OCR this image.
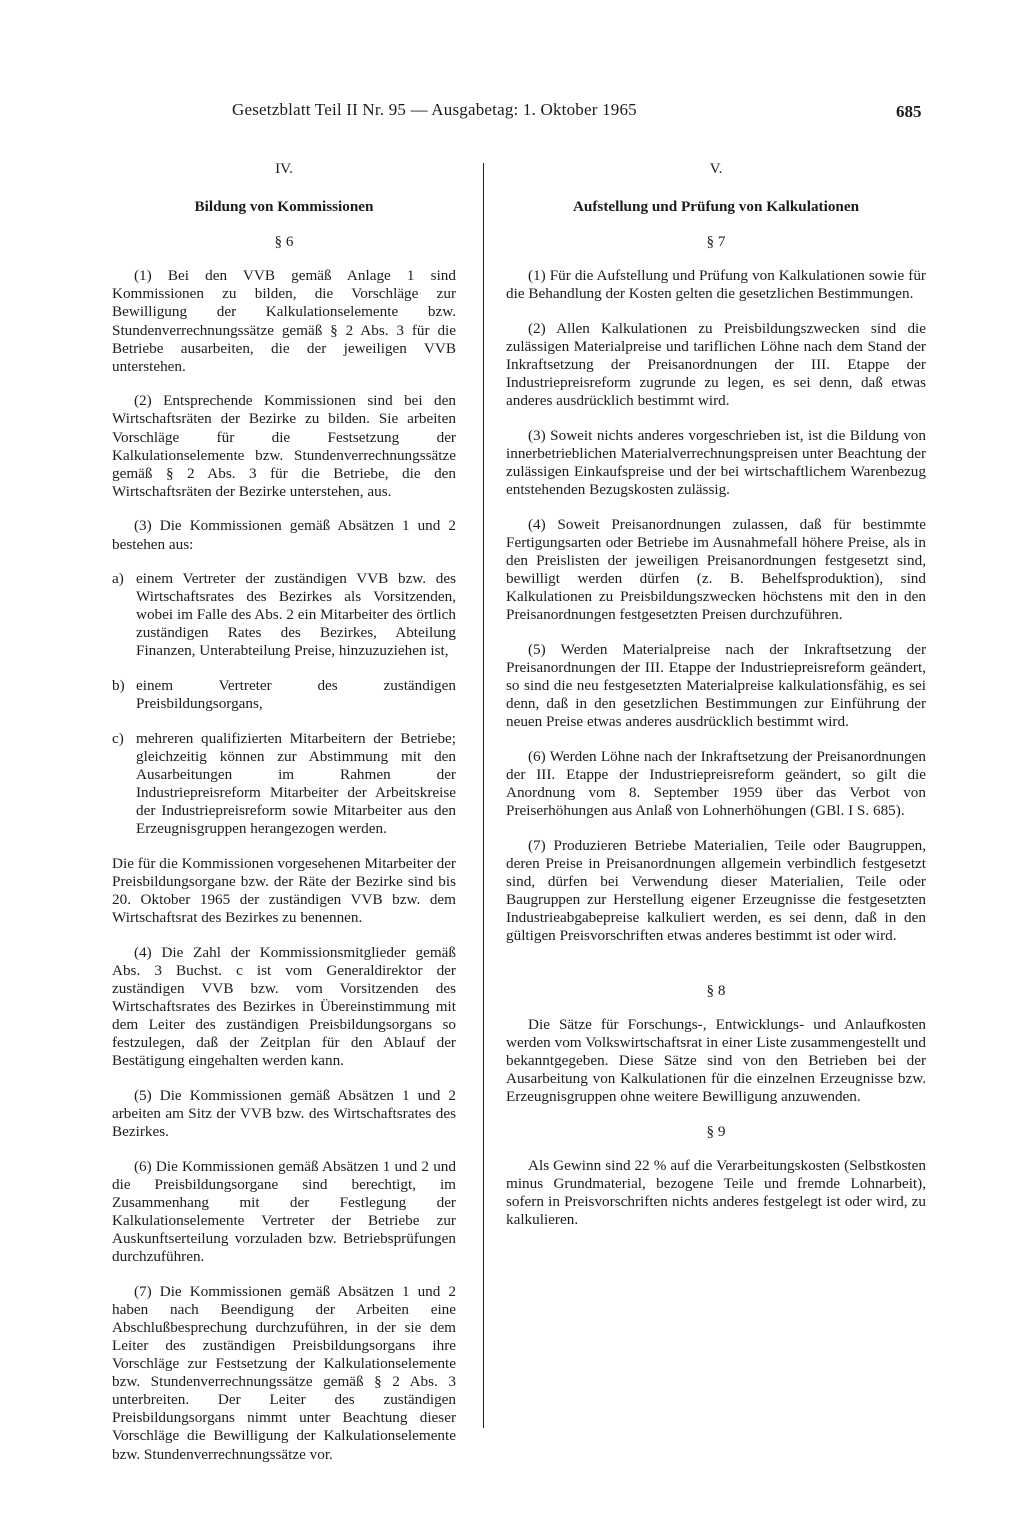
Gesetzblatt Teil II Nr. 95 — Ausgabetag: 1. Oktober 1965	685
IV.
Bildung von Kommissionen
§ 6

(1) Bei den VVB gemäß Anlage 1 sind Kommissionen zu bilden, die Vorschläge zur Bewilligung der Kalkulationselemente bzw. Stundenverrechnungssätze gemäß § 2 Abs. 3 für die Betriebe ausarbeiten, die der jeweiligen VVB unterstehen.

(2) Entsprechende Kommissionen sind bei den Wirtschaftsräten der Bezirke zu bilden. Sie arbeiten Vorschläge für die Festsetzung der Kalkulationselemente bzw. Stundenverrechnungssätze gemäß § 2 Abs. 3 für die Betriebe, die den Wirtschaftsräten der Bezirke unterstehen, aus.

(3) Die Kommissionen gemäß Absätzen 1 und 2 bestehen aus:

a) einem Vertreter der zuständigen VVB bzw. des Wirtschaftsrates des Bezirkes als Vorsitzenden, wobei im Falle des Abs. 2 ein Mitarbeiter des örtlich zuständigen Rates des Bezirkes, Abteilung Finanzen, Unterabteilung Preise, hinzuzuziehen ist,
b) einem Vertreter des zuständigen Preisbildungsorgans,
c) mehreren qualifizierten Mitarbeitern der Betriebe; gleichzeitig können zur Abstimmung mit den Ausarbeitungen im Rahmen der Industriepreisreform Mitarbeiter der Arbeitskreise der Industriepreisreform sowie Mitarbeiter aus den Erzeugnisgruppen herangezogen werden.

Die für die Kommissionen vorgesehenen Mitarbeiter der Preisbildungsorgane bzw. der Räte der Bezirke sind bis 20. Oktober 1965 der zuständigen VVB bzw. dem Wirtschaftsrat des Bezirkes zu benennen.

(4) Die Zahl der Kommissionsmitglieder gemäß Abs. 3 Buchst. c ist vom Generaldirektor der zuständigen VVB bzw. vom Vorsitzenden des Wirtschaftsrates des Bezirkes in Übereinstimmung mit dem Leiter des zuständigen Preisbildungsorgans so festzulegen, daß der Zeitplan für den Ablauf der Bestätigung eingehalten werden kann.

(5) Die Kommissionen gemäß Absätzen 1 und 2 arbeiten am Sitz der VVB bzw. des Wirtschaftsrates des Bezirkes.

(6) Die Kommissionen gemäß Absätzen 1 und 2 und die Preisbildungsorgane sind berechtigt, im Zusammenhang mit der Festlegung der Kalkulationselemente Vertreter der Betriebe zur Auskunftserteilung vorzuladen bzw. Betriebsprüfungen durchzuführen.

(7) Die Kommissionen gemäß Absätzen 1 und 2 haben nach Beendigung der Arbeiten eine Abschlußbesprechung durchzuführen, in der sie dem Leiter des zuständigen Preisbildungsorgans ihre Vorschläge zur Festsetzung der Kalkulationselemente bzw. Stundenverrechnungssätze gemäß § 2 Abs. 3 unterbreiten. Der Leiter des zuständigen Preisbildungsorgans nimmt unter Beachtung dieser Vorschläge die Bewilligung der Kalkulationselemente bzw. Stundenverrechnungssätze vor.

V.
Aufstellung und Prüfung von Kalkulationen
§ 7

(1) Für die Aufstellung und Prüfung von Kalkulationen sowie für die Behandlung der Kosten gelten die gesetzlichen Bestimmungen.

(2) Allen Kalkulationen zu Preisbildungszwecken sind die zulässigen Materialpreise und tariflichen Löhne nach dem Stand der Inkraftsetzung der Preisanordnungen der III. Etappe der Industriepreisreform zugrunde zu legen, es sei denn, daß etwas anderes ausdrücklich bestimmt wird.

(3) Soweit nichts anderes vorgeschrieben ist, ist die Bildung von innerbetrieblichen Materialverrechnungspreisen unter Beachtung der zulässigen Einkaufspreise und der bei wirtschaftlichem Warenbezug entstehenden Bezugskosten zulässig.

(4) Soweit Preisanordnungen zulassen, daß für bestimmte Fertigungsarten oder Betriebe im Ausnahmefall höhere Preise, als in den Preislisten der jeweiligen Preisanordnungen festgesetzt sind, bewilligt werden dürfen (z. B. Behelfsproduktion), sind Kalkulationen zu Preisbildungszwecken höchstens mit den in den Preisanordnungen festgesetzten Preisen durchzuführen.

(5) Werden Materialpreise nach der Inkraftsetzung der Preisanordnungen der III. Etappe der Industriepreisreform geändert, so sind die neu festgesetzten Materialpreise kalkulationsfähig, es sei denn, daß in den gesetzlichen Bestimmungen zur Einführung der neuen Preise etwas anderes ausdrücklich bestimmt wird.

(6) Werden Löhne nach der Inkraftsetzung der Preisanordnungen der III. Etappe der Industriepreisreform geändert, so gilt die Anordnung vom 8. September 1959 über das Verbot von Preiserhöhungen aus Anlaß von Lohnerhöhungen (GBl. I S. 685).

(7) Produzieren Betriebe Materialien, Teile oder Baugruppen, deren Preise in Preisanordnungen allgemein verbindlich festgesetzt sind, dürfen bei Verwendung dieser Materialien, Teile oder Baugruppen zur Herstellung eigener Erzeugnisse die festgesetzten Industrieabgabepreise kalkuliert werden, es sei denn, daß in den gültigen Preisvorschriften etwas anderes bestimmt ist oder wird.

§ 8

Die Sätze für Forschungs-, Entwicklungs- und Anlaufkosten werden vom Volkswirtschaftsrat in einer Liste zusammengestellt und bekanntgegeben. Diese Sätze sind von den Betrieben bei der Ausarbeitung von Kalkulationen für die einzelnen Erzeugnisse bzw. Erzeugnisgruppen ohne weitere Bewilligung anzuwenden.

§ 9

Als Gewinn sind 22 % auf die Verarbeitungskosten (Selbstkosten minus Grundmaterial, bezogene Teile und fremde Lohnarbeit), sofern in Preisvorschriften nichts anderes festgelegt ist oder wird, zu kalkulieren.
